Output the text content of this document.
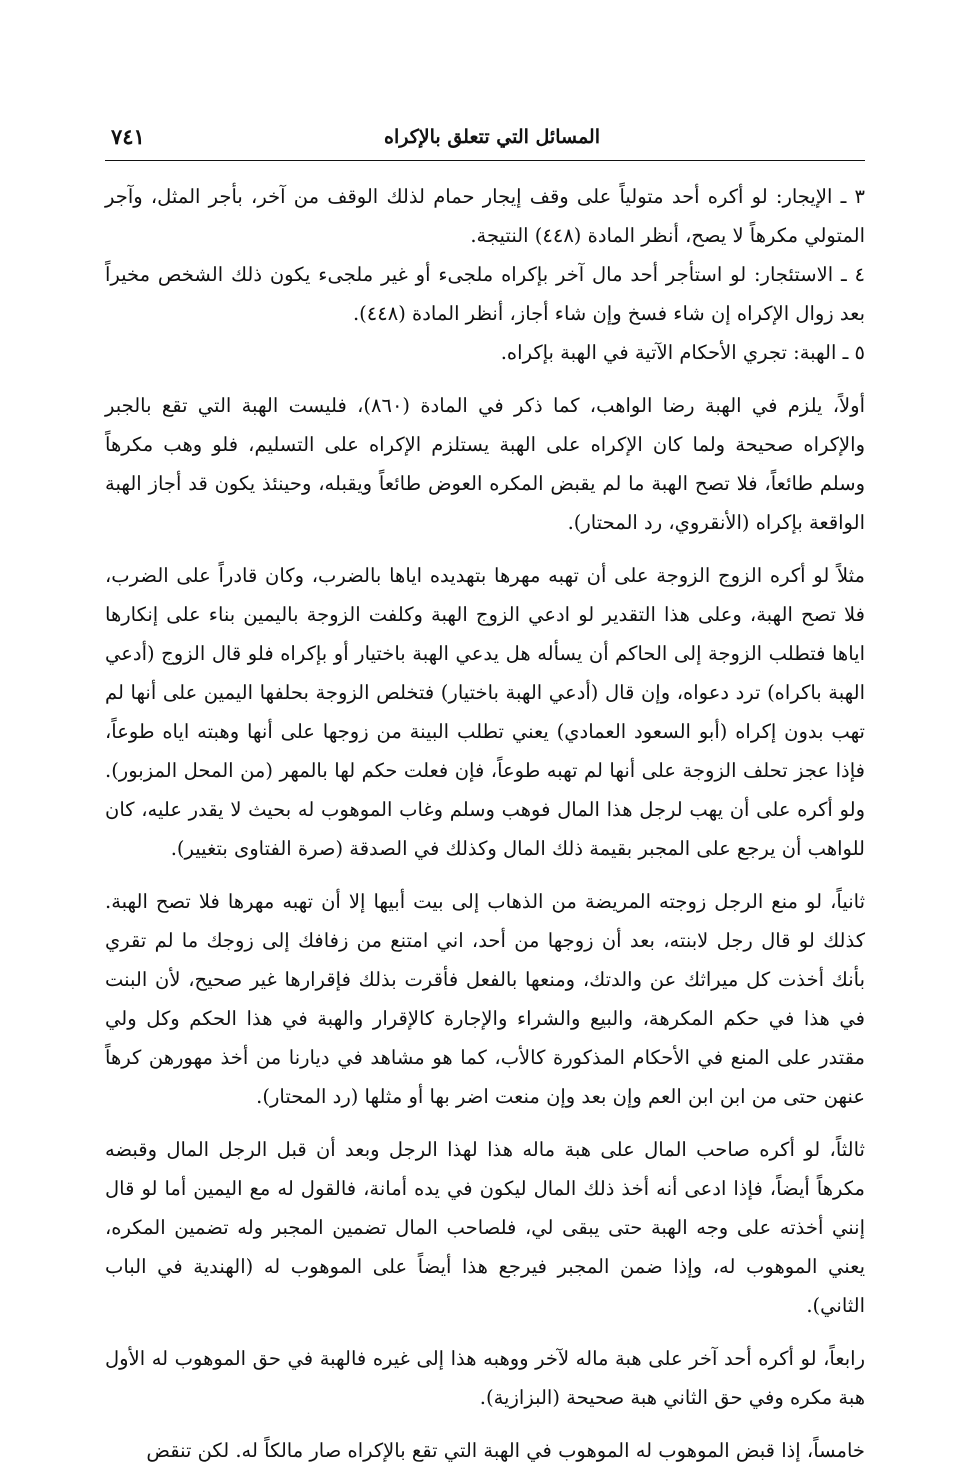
المسائل التي تتعلق بالإكراه
٧٤١

٣ ـ الإيجار: لو أكره أحد متولياً على وقف إيجار حمام لذلك الوقف من آخر، بأجر المثل، وآجر المتولي مكرهاً لا يصح، أنظر المادة (٤٤٨) النتيجة.

٤ ـ الاستئجار: لو استأجر أحد مال آخر بإكراه ملجىء أو غير ملجىء يكون ذلك الشخص مخيراً بعد زوال الإكراه إن شاء فسخ وإن شاء أجاز، أنظر المادة (٤٤٨).

٥ ـ الهبة: تجري الأحكام الآتية في الهبة بإكراه.

أولاً، يلزم في الهبة رضا الواهب، كما ذكر في المادة (٨٦٠)، فليست الهبة التي تقع بالجبر والإكراه صحيحة ولما كان الإكراه على الهبة يستلزم الإكراه على التسليم، فلو وهب مكرهاً وسلم طائعاً، فلا تصح الهبة ما لم يقبض المكره العوض طائعاً ويقبله، وحينئذ يكون قد أجاز الهبة الواقعة بإكراه (الأنقروي، رد المحتار).

مثلاً لو أكره الزوج الزوجة على أن تهبه مهرها بتهديده اياها بالضرب، وكان قادراً على الضرب، فلا تصح الهبة، وعلى هذا التقدير لو ادعي الزوج الهبة وكلفت الزوجة باليمين بناء على إنكارها اياها فتطلب الزوجة إلى الحاكم أن يسأله هل يدعي الهبة باختيار أو بإكراه فلو قال الزوج (أدعي الهبة باكراه) ترد دعواه، وإن قال (أدعي الهبة باختيار) فتخلص الزوجة بحلفها اليمين على أنها لم تهب بدون إكراه (أبو السعود العمادي) يعني تطلب البينة من زوجها على أنها وهبته اياه طوعاً، فإذا عجز تحلف الزوجة على أنها لم تهبه طوعاً، فإن فعلت حكم لها بالمهر (من المحل المزبور). ولو أكره على أن يهب لرجل هذا المال فوهب وسلم وغاب الموهوب له بحيث لا يقدر عليه، كان للواهب أن يرجع على المجبر بقيمة ذلك المال وكذلك في الصدقة (صرة الفتاوى بتغيير).

ثانياً، لو منع الرجل زوجته المريضة من الذهاب إلى بيت أبيها إلا أن تهبه مهرها فلا تصح الهبة. كذلك لو قال رجل لابنته، بعد أن زوجها من أحد، اني امتنع من زفافك إلى زوجك ما لم تقري بأنك أخذت كل ميراثك عن والدتك، ومنعها بالفعل فأقرت بذلك فإقرارها غير صحيح، لأن البنت في هذا في حكم المكرهة، والبيع والشراء والإجارة كالإقرار والهبة في هذا الحكم وكل ولي مقتدر على المنع في الأحكام المذكورة كالأب، كما هو مشاهد في ديارنا من أخذ مهورهن كرهاً عنهن حتى من ابن ابن العم وإن بعد وإن منعت اضر بها أو مثلها (رد المحتار).

ثالثاً، لو أكره صاحب المال على هبة ماله هذا لهذا الرجل وبعد أن قبل الرجل المال وقبضه مكرهاً أيضاً، فإذا ادعى أنه أخذ ذلك المال ليكون في يده أمانة، فالقول له مع اليمين أما لو قال إنني أخذته على وجه الهبة حتى يبقى لي، فلصاحب المال تضمين المجبر وله تضمين المكره، يعني الموهوب له، وإذا ضمن المجبر فيرجع هذا أيضاً على الموهوب له (الهندية في الباب الثاني).

رابعاً، لو أكره أحد آخر على هبة ماله لآخر ووهبه هذا إلى غيره فالهبة في حق الموهوب له الأول هبة مكره وفي حق الثاني هبة صحيحة (البزازية).

خامساً، إذا قبض الموهوب له الموهوب في الهبة التي تقع بالإكراه صار مالكاً له. لكن تنقض
